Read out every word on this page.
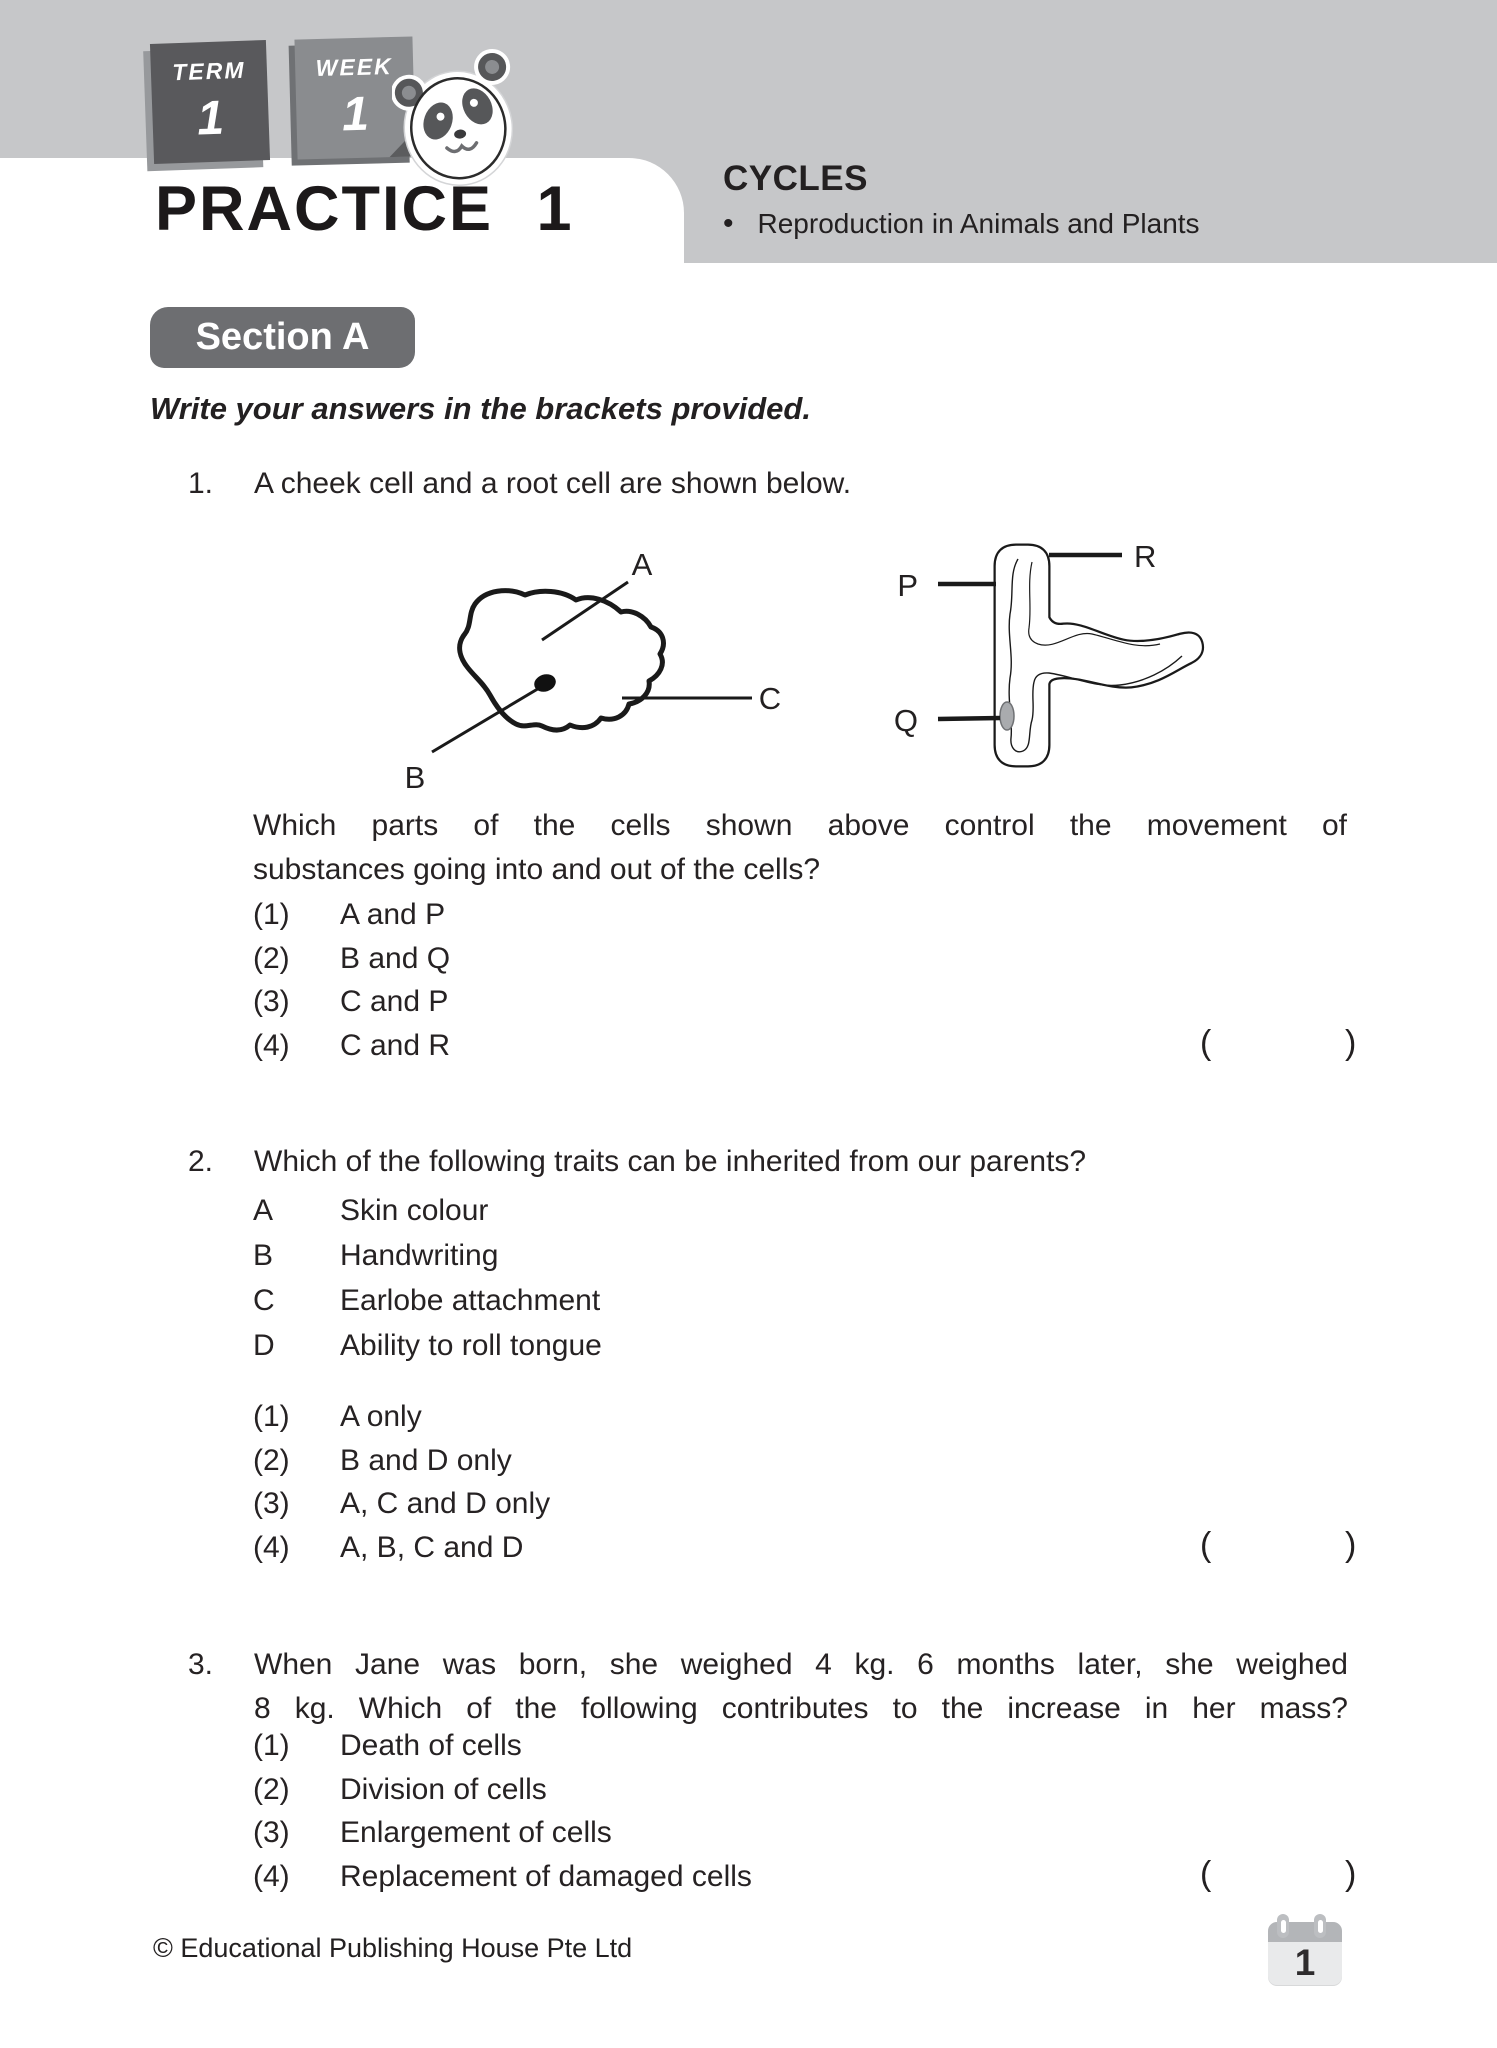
TERM
1
WEEK
1
PRACTICE 1	CYCLES
• Reproduction in Animals and Plants
Section A
Write your answers in the brackets provided.
1.	A cheek cell and a root cell are shown below.
A
B
C
P
Q
R
Which parts of the cells shown above control the movement of
substances going into and out of the cells?
(1) A and P
(2) B and Q
(3) C and P
(4) C and R	(	)
2.	Which of the following traits can be inherited from our parents?
A Skin colour
B Handwriting
C Earlobe attachment
D Ability to roll tongue
(1) A only
(2) B and D only
(3) A, C and D only
(4) A, B, C and D	(	)
3.	When Jane was born, she weighed 4 kg. 6 months later, she weighed
8 kg. Which of the following contributes to the increase in her mass?
(1) Death of cells
(2) Division of cells
(3) Enlargement of cells
(4) Replacement of damaged cells	(	)
© Educational Publishing House Pte Ltd	1
